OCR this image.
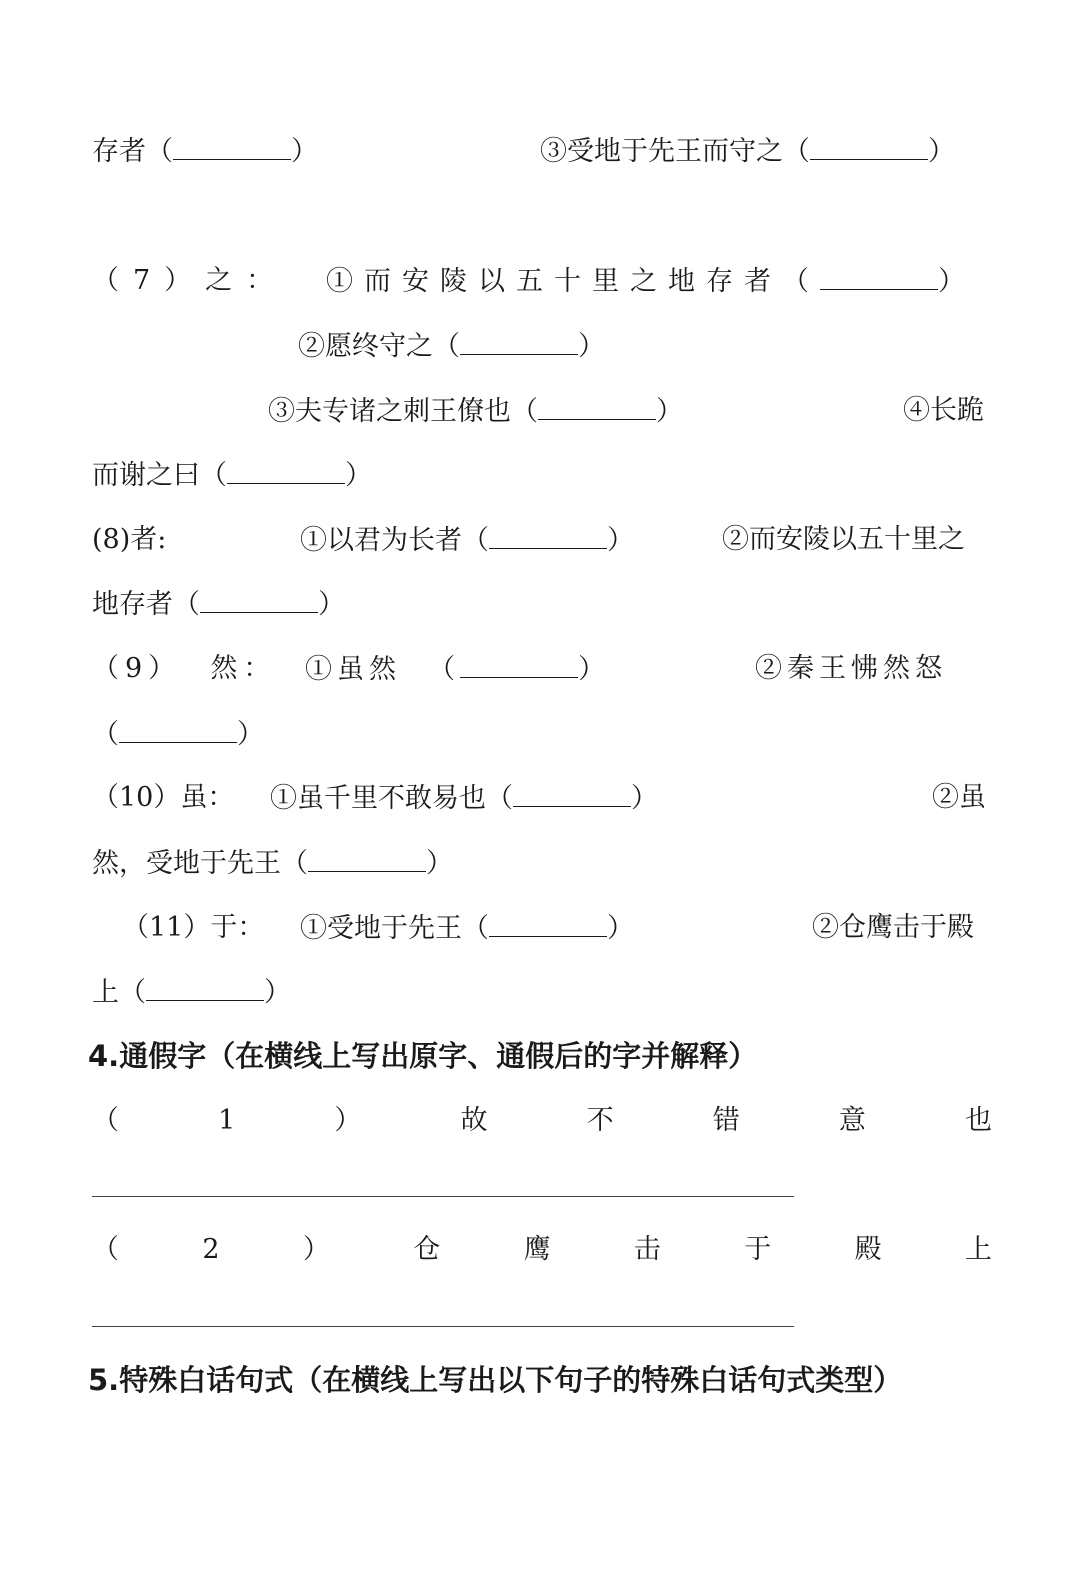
存者（	）	③受地于先王而守之（	）

（7）之： ①而安陵以五十里之地存者（	）

②愿终守之（	）

③夫专诸之刺王僚也（	）	④长跪

而谢之曰（	）

(8)者:	①以君为长者（	）	②而安陵以五十里之

地存者（	）

（9）  然： ①虽然  （	）	②秦王怫然怒

（	）

（10）虽： ①虽千里不敢易也（	）	②虽

然，受地于先王（	）

（11）于： ①受地于先王（	）	②仓鹰击于殿

上（	）

4.通假字（在横线上写出原字、通假后的字并解释）

（	1	）	故	不	错	意	也
（	2	）	仓	鹰	击	于	殿	上

5.特殊白话句式（在横线上写出以下句子的特殊白话句式类型）
